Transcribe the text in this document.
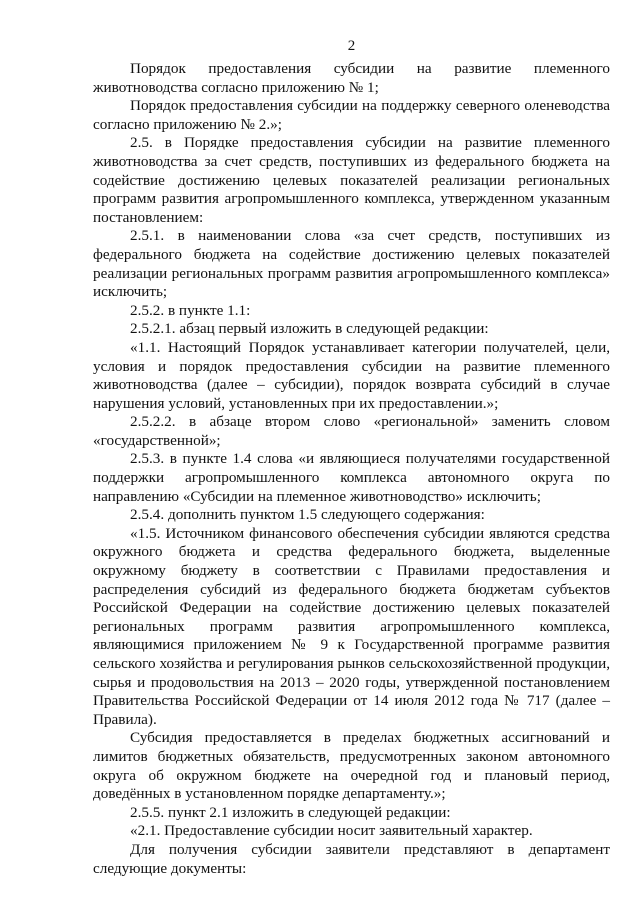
2

Порядок предоставления субсидии на развитие племенного животноводства согласно приложению № 1;

Порядок предоставления субсидии на поддержку северного оленеводства согласно приложению № 2.»;

2.5. в Порядке предоставления субсидии на развитие племенного животноводства за счет средств, поступивших из федерального бюджета на содействие достижению целевых показателей реализации региональных программ развития агропромышленного комплекса, утвержденном указанным постановлением:

2.5.1. в наименовании слова «за счет средств, поступивших из федерального бюджета на содействие достижению целевых показателей реализации региональных программ развития агропромышленного комплекса» исключить;

2.5.2. в пункте 1.1:

2.5.2.1. абзац первый изложить в следующей редакции:

«1.1. Настоящий Порядок устанавливает категории получателей, цели, условия и порядок предоставления субсидии на развитие племенного животноводства (далее – субсидии), порядок возврата субсидий в случае нарушения условий, установленных при их предоставлении.»;

2.5.2.2. в абзаце втором слово «региональной» заменить словом «государственной»;

2.5.3. в пункте 1.4 слова «и являющиеся получателями государственной поддержки агропромышленного комплекса автономного округа по направлению «Субсидии на племенное животноводство» исключить;

2.5.4. дополнить пунктом 1.5 следующего содержания:

«1.5. Источником финансового обеспечения субсидии являются средства окружного бюджета и средства федерального бюджета, выделенные окружному бюджету в соответствии с Правилами предоставления и распределения субсидий из федерального бюджета бюджетам субъектов Российской Федерации на содействие достижению целевых показателей региональных программ развития агропромышленного комплекса, являющимися приложением № 9 к Государственной программе развития сельского хозяйства и регулирования рынков сельскохозяйственной продукции, сырья и продовольствия на 2013 – 2020 годы, утвержденной постановлением Правительства Российской Федерации от 14 июля 2012 года № 717 (далее – Правила).

Субсидия предоставляется в пределах бюджетных ассигнований и лимитов бюджетных обязательств, предусмотренных законом автономного округа об окружном бюджете на очередной год и плановый период, доведённых в установленном порядке департаменту.»;

2.5.5. пункт 2.1 изложить в следующей редакции:

«2.1. Предоставление субсидии носит заявительный характер.

Для получения субсидии заявители представляют в департамент следующие документы:
